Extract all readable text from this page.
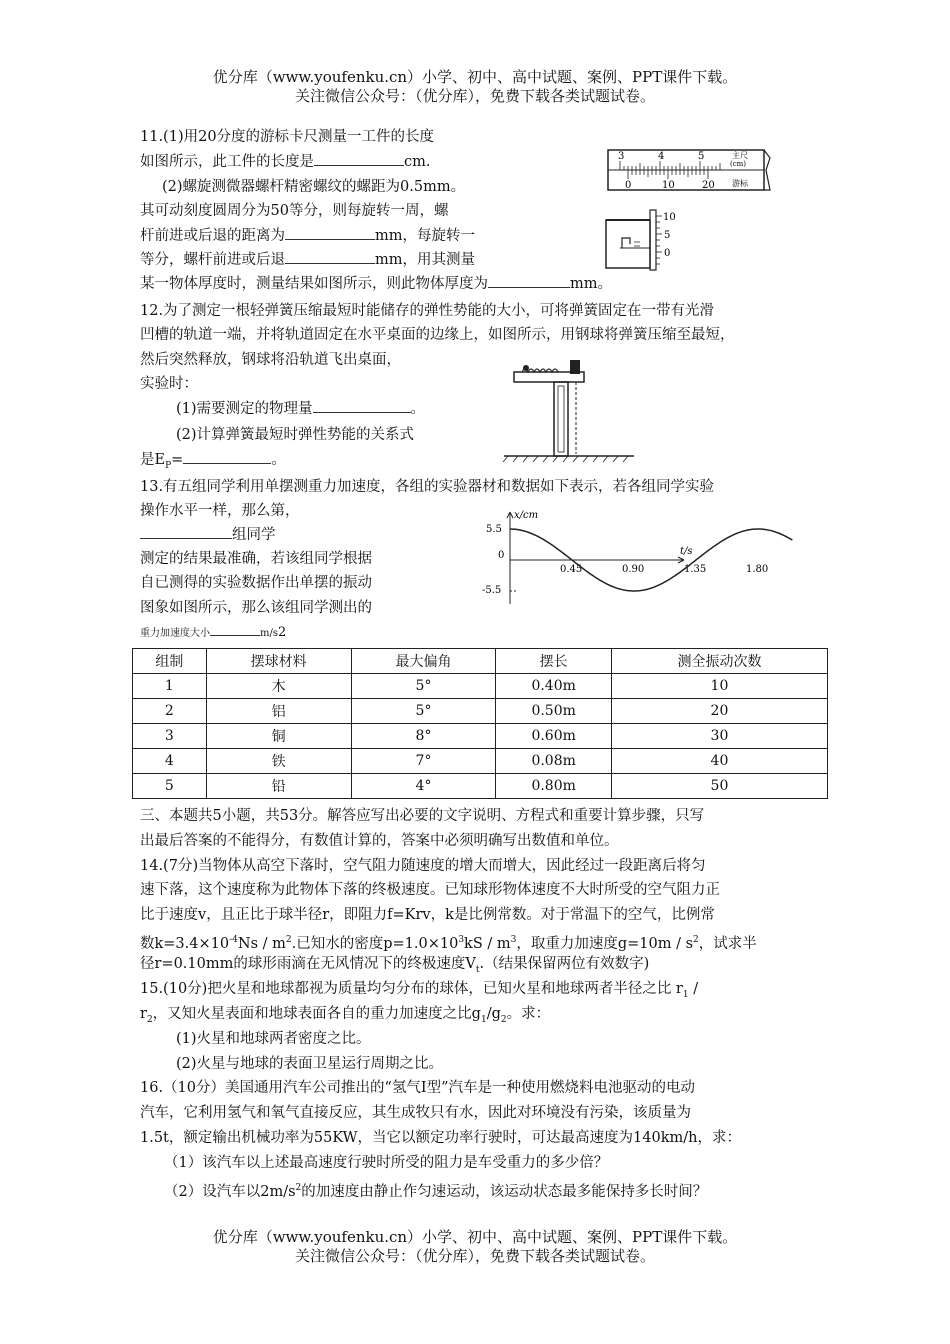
优分库（www.youfenku.cn）小学、初中、高中试题、案例、PPT课件下载。
关注微信公众号：（优分库），免费下载各类试题试卷。
11.(1)用20分度的游标卡尺测量一工件的长度
如图所示，此工件的长度是	cm.
(2)螺旋测微器螺杆精密螺纹的螺距为0.5mm。
其可动刻度圆周分为50等分，则每旋转一周，螺
杆前进或后退的距离为	mm，每旋转一
等分，螺杆前进或后退	mm，用其测量
某一物体厚度时，测量结果如图所示，则此物体厚度为	mm。
3	4	5
0	10	20
主尺
(cm)
游标
10
5
0
12.为了测定一根轻弹簧压缩最短时能储存的弹性势能的大小，可将弹簧固定在一带有光滑
凹槽的轨道一端，并将轨道固定在水平桌面的边缘上，如图所示，用钢球将弹簧压缩至最短，
然后突然释放，钢球将沿轨道飞出桌面，
实验时：
(1)需要测定的物理量	。
(2)计算弹簧最短时弹性势能的关系式
是$E_P=$	。
13.有五组同学利用单摆测重力加速度，各组的实验器材和数据如下表示，若各组同学实验
操作水平一样，那么第，
组同学
测定的结果最准确，若该组同学根据
自已测得的实验数据作出单摆的振动
图象如图所示，那么该组同学测出的
重力加速度大小	m/s2
x/cm
t/s
5.5
0
-5.5
0.45	0.90	1.35	1.80
组制	摆球材料	最大偏角	摆长	测全振动次数
1	木	5°	0.40m	10
2	铝	5°	0.50m	20
3	铜	8°	0.60m	30
4	铁	7°	0.08m	40
5	铅	4°	0.80m	50
三、本题共5小题，共53分。解答应写出必要的文字说明、方程式和重要计算步骤，只写
出最后答案的不能得分，有数值计算的，答案中必须明确写出数值和单位。
14.(7分)当物体从高空下落时，空气阻力随速度的增大而增大，因此经过一段距离后将匀
速下落，这个速度称为此物体下落的终极速度。已知球形物体速度不大时所受的空气阻力正
比于速度v，且正比于球半径r，即阻力f=Krv，k是比例常数。对于常温下的空气，比例常
数$k=3.4\times 10^{-4}Ns / m^2$.已知水的密度$p=1.0\times 10^3kS / m^3$，取重力加速度$g=10m / s^2$，试求半
径r=0.10mm的球形雨滴在无风情况下的终极速度$V_t$.（结果保留两位有效数字)
15.(10分)把火星和地球都视为质量均匀分布的球体，已知火星和地球两者半径之比 $r_1$ /
$r_2$，又知火星表面和地球表面各自的重力加速度之比$g_1/g_2$。求：
(1)火星和地球两者密度之比。
(2)火星与地球的表面卫星运行周期之比。
16.（10分）美国通用汽车公司推出的“氢气Ⅰ型”汽车是一种使用燃烧料电池驱动的电动
汽车，它利用氢气和氧气直接反应，其生成牧只有水，因此对环境没有污染，该质量为
1.5t，额定输出机械功率为55KW，当它以额定功率行驶时，可达最高速度为140km/h，求：
（1）该汽车以上述最高速度行驶时所受的阻力是车受重力的多少倍？
（2）设汽车以$2m/s^2$的加速度由静止作匀速运动，该运动状态最多能保持多长时间？
优分库（www.youfenku.cn）小学、初中、高中试题、案例、PPT课件下载。
关注微信公众号：（优分库），免费下载各类试题试卷。
